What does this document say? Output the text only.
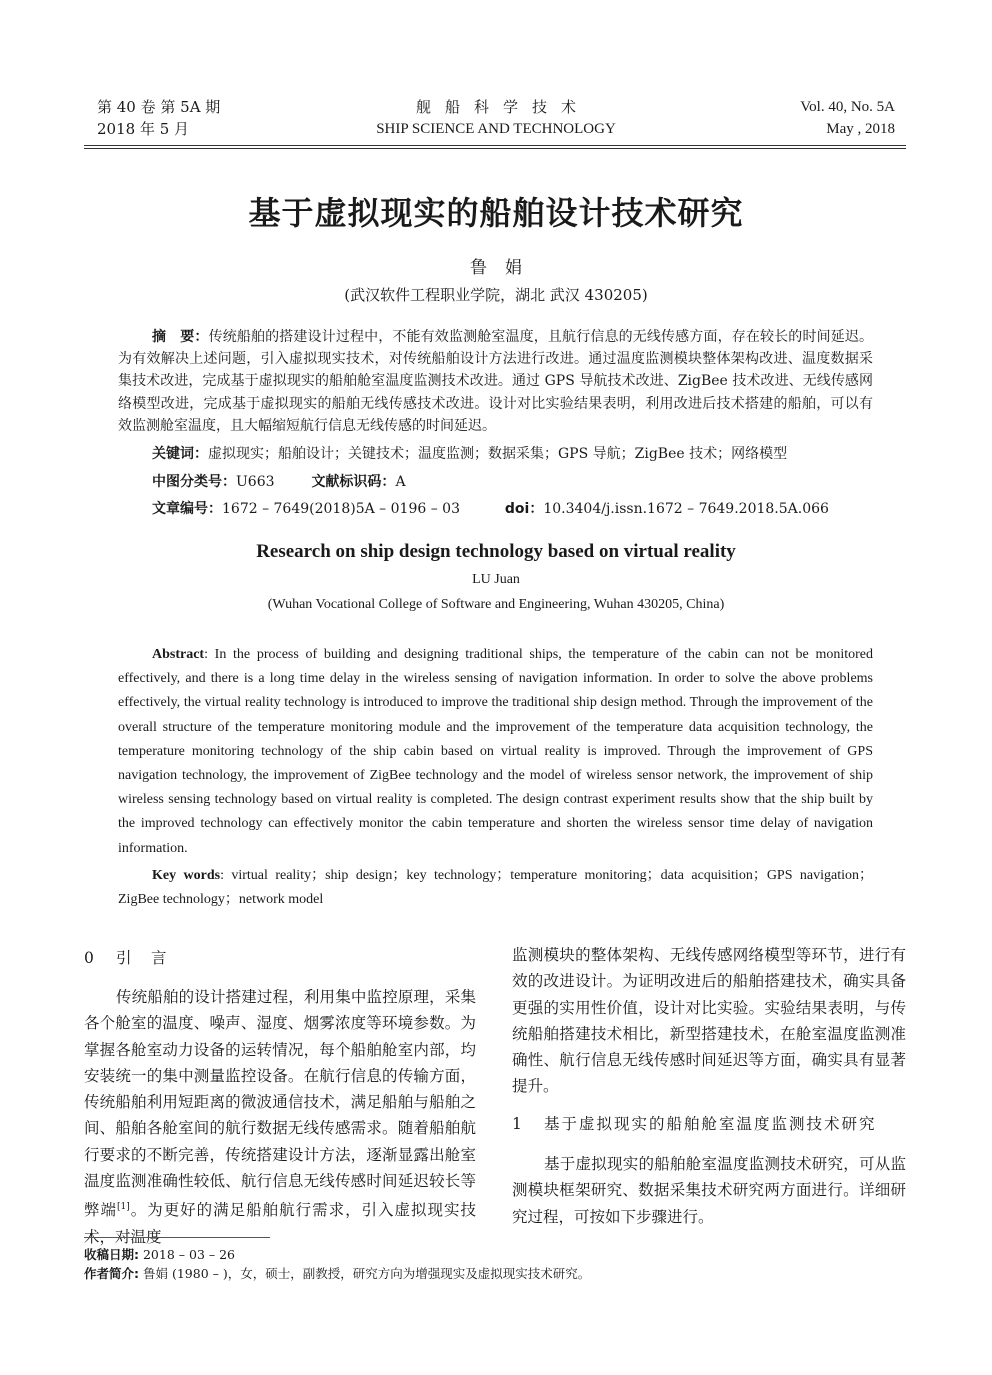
第 40 卷 第 5A 期
2018 年 5 月
舰船科学技术
SHIP SCIENCE AND TECHNOLOGY
Vol. 40, No. 5A
May , 2018
基于虚拟现实的船舶设计技术研究
鲁娟
(武汉软件工程职业学院，湖北 武汉 430205)
摘　要：传统船舶的搭建设计过程中，不能有效监测舱室温度，且航行信息的无线传感方面，存在较长的时间延迟。为有效解决上述问题，引入虚拟现实技术，对传统船舶设计方法进行改进。通过温度监测模块整体架构改进、温度数据采集技术改进，完成基于虚拟现实的船舶舱室温度监测技术改进。通过 GPS 导航技术改进、ZigBee 技术改进、无线传感网络模型改进，完成基于虚拟现实的船舶无线传感技术改进。设计对比实验结果表明，利用改进后技术搭建的船舶，可以有效监测舱室温度，且大幅缩短航行信息无线传感的时间延迟。
关键词：虚拟现实；船舶设计；关键技术；温度监测；数据采集；GPS 导航；ZigBee 技术；网络模型
中图分类号：U663	文献标识码：A
文章编号：1672 – 7649(2018)5A – 0196 – 03	doi：10.3404/j.issn.1672 – 7649.2018.5A.066
Research on ship design technology based on virtual reality
LU Juan
(Wuhan Vocational College of Software and Engineering, Wuhan 430205, China)
Abstract: In the process of building and designing traditional ships, the temperature of the cabin can not be monitored effectively, and there is a long time delay in the wireless sensing of navigation information. In order to solve the above problems effectively, the virtual reality technology is introduced to improve the traditional ship design method. Through the improvement of the overall structure of the temperature monitoring module and the improvement of the temperature data acquisition technology, the temperature monitoring technology of the ship cabin based on virtual reality is improved. Through the improvement of GPS navigation technology, the improvement of ZigBee technology and the model of wireless sensor network, the improvement of ship wireless sensing technology based on virtual reality is completed. The design contrast experiment results show that the ship built by the improved technology can effectively monitor the cabin temperature and shorten the wireless sensor time delay of navigation information.
Key words: virtual reality；ship design；key technology；temperature monitoring；data acquisition；GPS navigation；ZigBee technology；network model
0 引　言
传统船舶的设计搭建过程，利用集中监控原理，采集各个舱室的温度、噪声、湿度、烟雾浓度等环境参数。为掌握各舱室动力设备的运转情况，每个船舶舱室内部，均安装统一的集中测量监控设备。在航行信息的传输方面，传统船舶利用短距离的微波通信技术，满足船舶与船舶之间、船舶各舱室间的航行数据无线传感需求。随着船舶航行要求的不断完善，传统搭建设计方法，逐渐显露出舱室温度监测准确性较低、航行信息无线传感时间延迟较长等弊端[1]。为更好的满足船舶航行需求，引入虚拟现实技术，对温度
监测模块的整体架构、无线传感网络模型等环节，进行有效的改进设计。为证明改进后的船舶搭建技术，确实具备更强的实用性价值，设计对比实验。实验结果表明，与传统船舶搭建技术相比，新型搭建技术，在舱室温度监测准确性、航行信息无线传感时间延迟等方面，确实具有显著提升。
1 基于虚拟现实的船舶舱室温度监测技术研究
基于虚拟现实的船舶舱室温度监测技术研究，可从监测模块框架研究、数据采集技术研究两方面进行。详细研究过程，可按如下步骤进行。
收稿日期: 2018 – 03 – 26
作者简介: 鲁娟 (1980 – )，女，硕士，副教授，研究方向为增强现实及虚拟现实技术研究。
